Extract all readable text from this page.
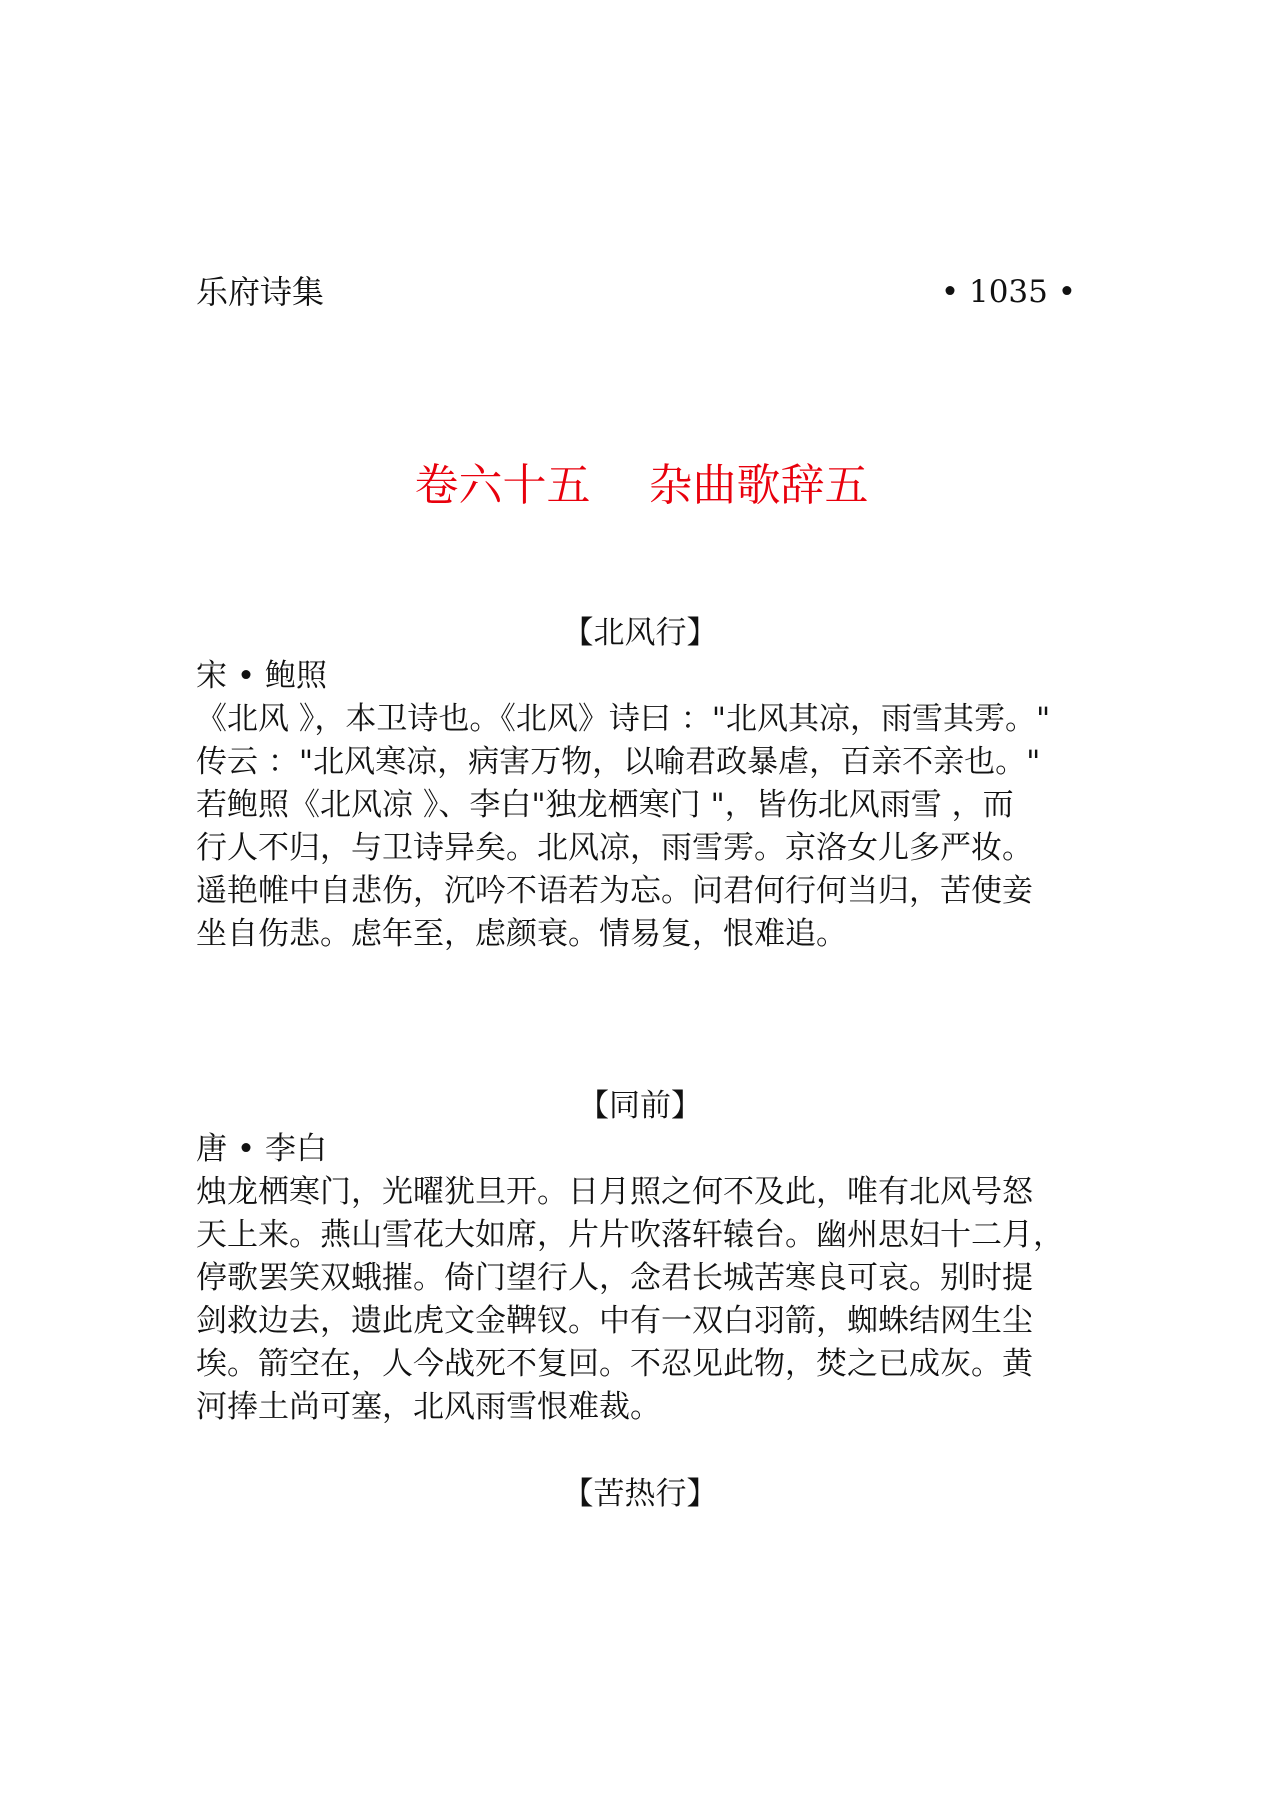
乐府诗集	• 1035 •
卷六十五　 杂曲歌辞五
【北风行】
宋 • 鲍照
《北风 》，本卫诗也。《北风》诗曰 ："北风其凉，雨雪其雱。"
传云 ："北风寒凉，病害万物，以喻君政暴虐，百亲不亲也。"
若鲍照《北风凉 》、李白"独龙栖寒门 "，皆伤北风雨雪 ，而
行人不归，与卫诗异矣。北风凉，雨雪雱。京洛女儿多严妆。
遥艳帷中自悲伤，沉吟不语若为忘。问君何行何当归，苦使妾
坐自伤悲。虑年至，虑颜衰。情易复，恨难追。
【同前】
唐 • 李白
烛龙栖寒门，光曜犹旦开。日月照之何不及此，唯有北风号怒
天上来。燕山雪花大如席，片片吹落轩辕台。幽州思妇十二月，
停歌罢笑双蛾摧。倚门望行人，念君长城苦寒良可哀。别时提
剑救边去，遗此虎文金鞞钗。中有一双白羽箭，蜘蛛结网生尘
埃。箭空在，人今战死不复回。不忍见此物，焚之已成灰。黄
河捧土尚可塞，北风雨雪恨难裁。
【苦热行】
